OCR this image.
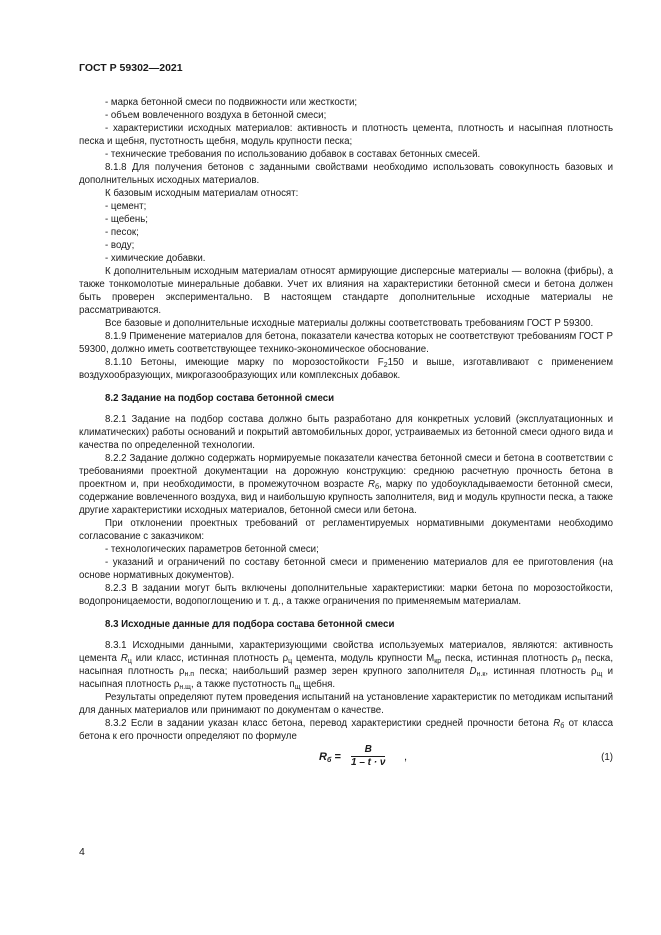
ГОСТ Р 59302—2021

- марка бетонной смеси по подвижности или жесткости;

- объем вовлеченного воздуха в бетонной смеси;

- характеристики исходных материалов: активность и плотность цемента, плотность и насыпная плотность песка и щебня, пустотность щебня, модуль крупности песка;

- технические требования по использованию добавок в составах бетонных смесей.

8.1.8 Для получения бетонов с заданными свойствами необходимо использовать совокупность базовых и дополнительных исходных материалов.

К базовым исходным материалам относят:

- цемент;

- щебень;

- песок;

- воду;

- химические добавки.

К дополнительным исходным материалам относят армирующие дисперсные материалы — волокна (фибры), а также тонкомолотые минеральные добавки. Учет их влияния на характеристики бетонной смеси и бетона должен быть проверен экспериментально. В настоящем стандарте дополнительные исходные материалы не рассматриваются.

Все базовые и дополнительные исходные материалы должны соответствовать требованиям ГОСТ Р 59300.

8.1.9 Применение материалов для бетона, показатели качества которых не соответствуют требованиям ГОСТ Р 59300, должно иметь соответствующее технико-экономическое обоснование.

8.1.10 Бетоны, имеющие марку по морозостойкости $F_2150$ и выше, изготавливают с применением воздухообразующих, микрогазообразующих или комплексных добавок.

8.2 Задание на подбор состава бетонной смеси

8.2.1 Задание на подбор состава должно быть разработано для конкретных условий (эксплуатационных и климатических) работы оснований и покрытий автомобильных дорог, устраиваемых из бетонной смеси одного вида и качества по определенной технологии.

8.2.2 Задание должно содержать нормируемые показатели качества бетонной смеси и бетона в соответствии с требованиями проектной документации на дорожную конструкцию: среднюю расчетную прочность бетона в проектном и, при необходимости, в промежуточном возрасте $R_б$, марку по удобоукладываемости бетонной смеси, содержание вовлеченного воздуха, вид и наибольшую крупность заполнителя, вид и модуль крупности песка, а также другие характеристики исходных материалов, бетонной смеси или бетона.

При отклонении проектных требований от регламентируемых нормативными документами необходимо согласование с заказчиком:

- технологических параметров бетонной смеси;

- указаний и ограничений по составу бетонной смеси и применению материалов для ее приготовления (на основе нормативных документов).

8.2.3 В задании могут быть включены дополнительные характеристики: марки бетона по морозостойкости, водопроницаемости, водопоглощению и т. д., а также ограничения по применяемым материалам.

8.3 Исходные данные для подбора состава бетонной смеси

8.3.1 Исходными данными, характеризующими свойства используемых материалов, являются: активность цемента $R_ц$ или класс, истинная плотность $\rho_ц$ цемента, модуль крупности $М_{кр}$ песка, истинная плотность $\rho_п$ песка, насыпная плотность $\rho_{н.п}$ песка; наибольший размер зерен крупного заполнителя $D_{н.к}$, истинная плотность $\rho_щ$ и насыпная плотность $\rho_{н.щ}$, а также пустотность $п_щ$ щебня.

Результаты определяют путем проведения испытаний на установление характеристик по методикам испытаний для данных материалов или принимают по документам о качестве.

8.3.2 Если в задании указан класс бетона, перевод характеристики средней прочности бетона $R_б$ от класса бетона к его прочности определяют по формуле

$R_б = \frac{B}{1 - t \cdot \nu}$ ,	(1)
4
